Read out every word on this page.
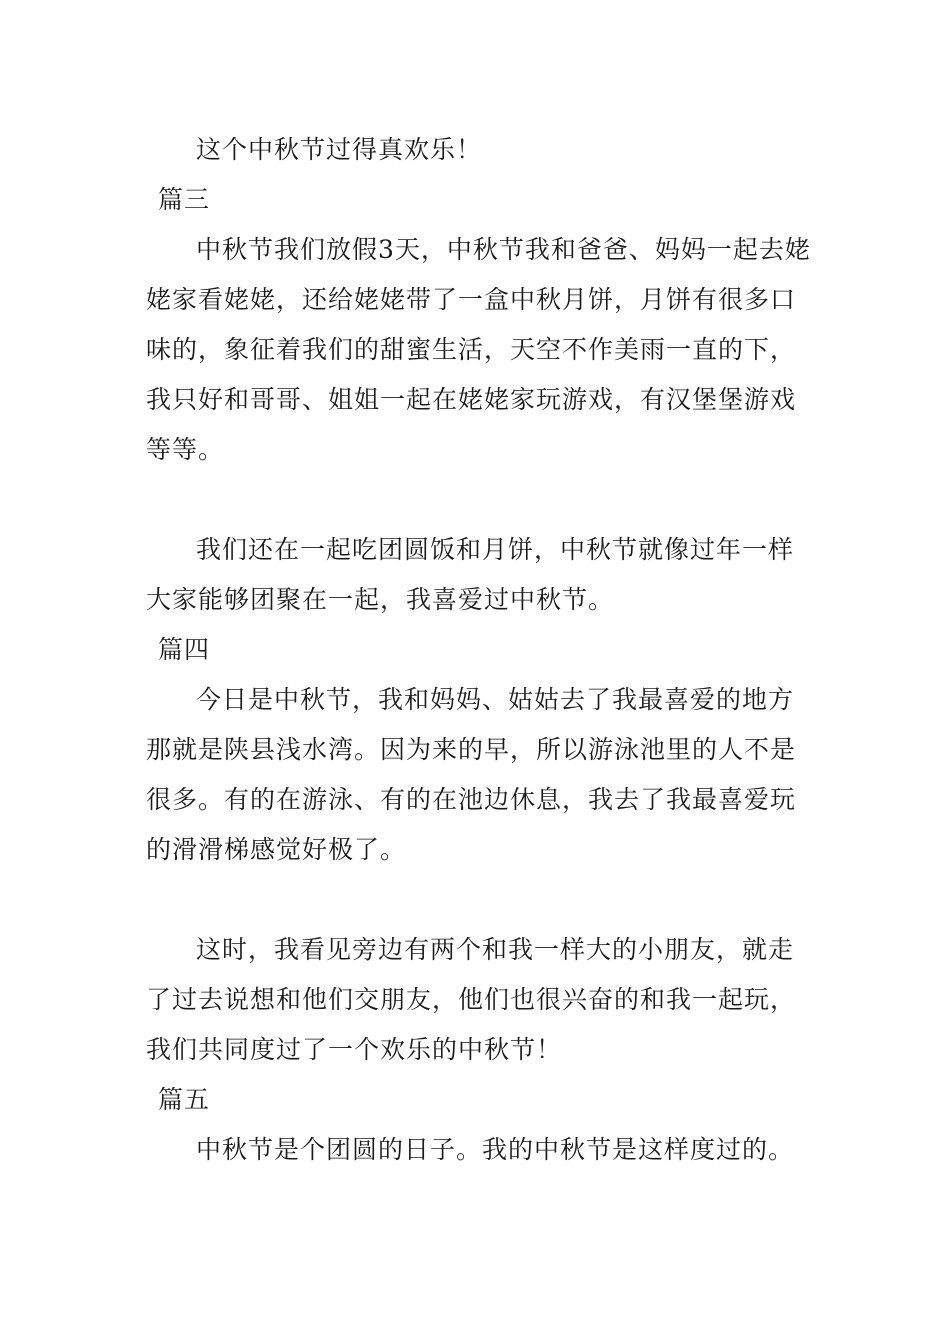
这个中秋节过得真欢乐！
篇三
中秋节我们放假3天，中秋节我和爸爸、妈妈一起去姥
姥家看姥姥，还给姥姥带了一盒中秋月饼，月饼有很多口
味的，象征着我们的甜蜜生活，天空不作美雨一直的下，
我只好和哥哥、姐姐一起在姥姥家玩游戏，有汉堡堡游戏
等等。
我们还在一起吃团圆饭和月饼，中秋节就像过年一样
大家能够团聚在一起，我喜爱过中秋节。
篇四
今日是中秋节，我和妈妈、姑姑去了我最喜爱的地方
那就是陕县浅水湾。因为来的早，所以游泳池里的人不是
很多。有的在游泳、有的在池边休息，我去了我最喜爱玩
的滑滑梯感觉好极了。
这时，我看见旁边有两个和我一样大的小朋友，就走
了过去说想和他们交朋友，他们也很兴奋的和我一起玩，
我们共同度过了一个欢乐的中秋节！
篇五
中秋节是个团圆的日子。我的中秋节是这样度过的。
